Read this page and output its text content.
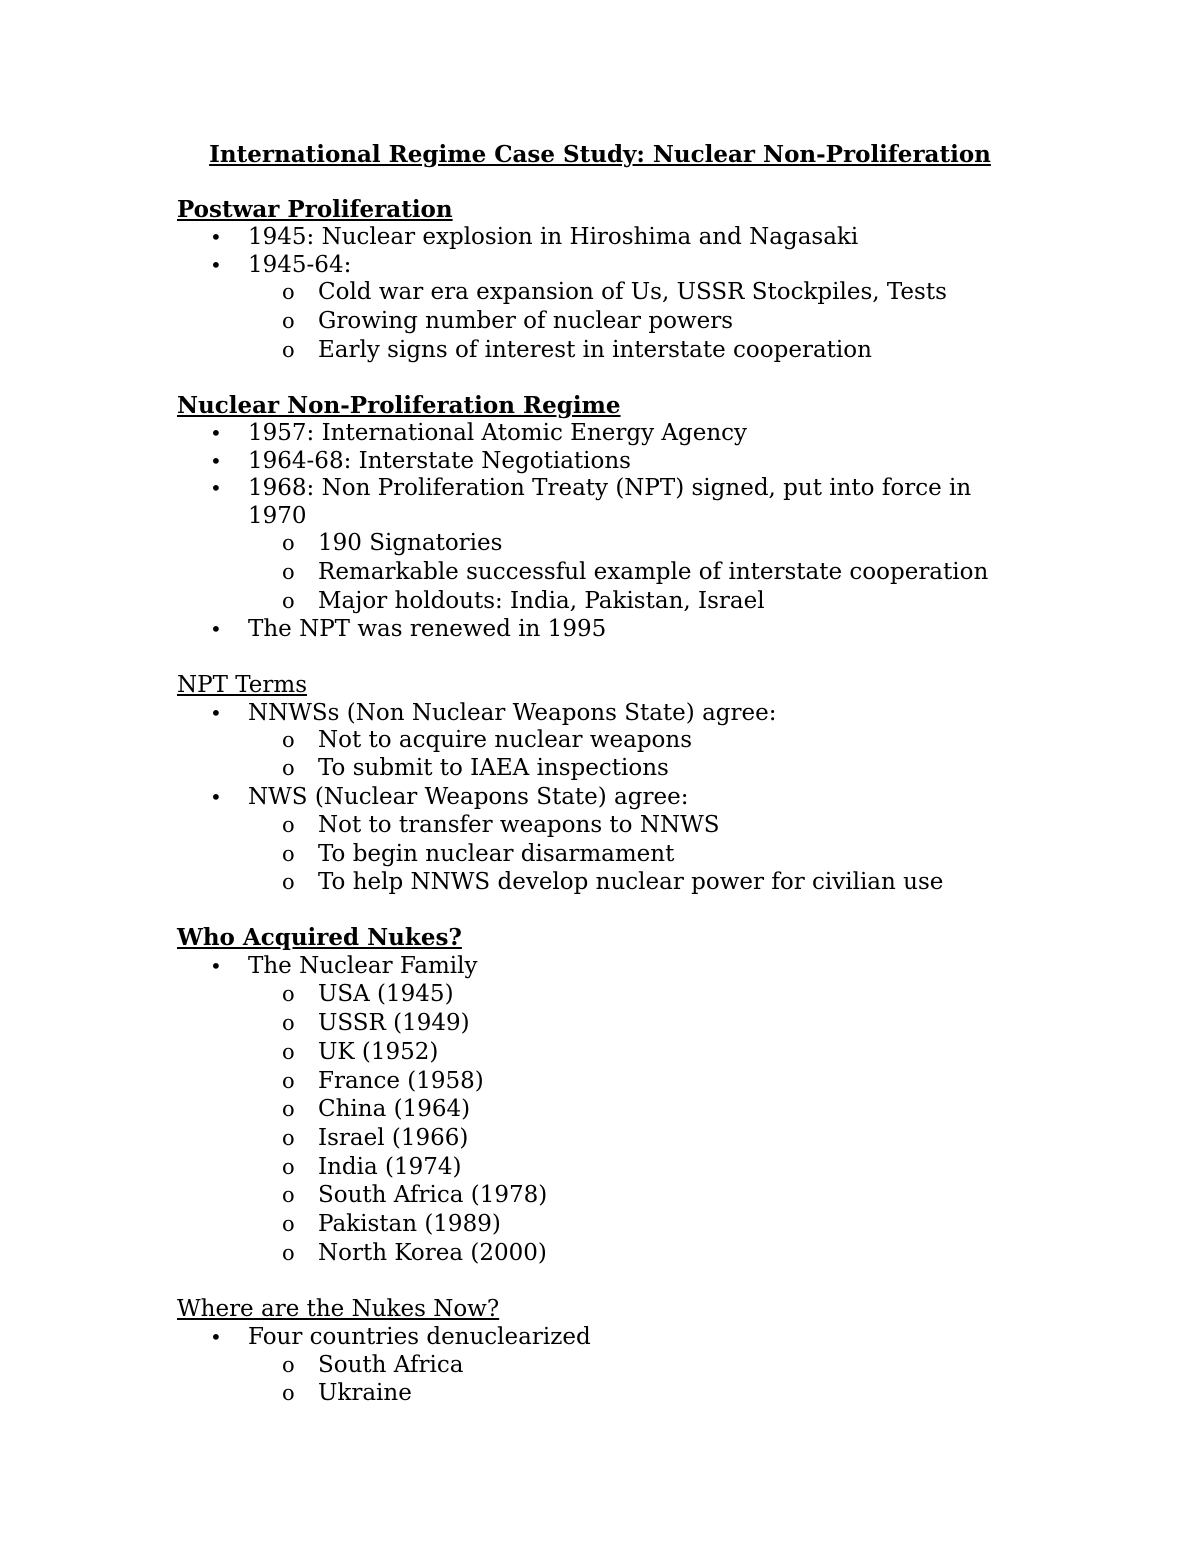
International Regime Case Study: Nuclear Non-Proliferation
Postwar Proliferation
• 1945: Nuclear explosion in Hiroshima and Nagasaki
• 1945-64:
o Cold war era expansion of Us, USSR Stockpiles, Tests
o Growing number of nuclear powers
o Early signs of interest in interstate cooperation
Nuclear Non-Proliferation Regime
• 1957: International Atomic Energy Agency
• 1964-68: Interstate Negotiations
• 1968: Non Proliferation Treaty (NPT) signed, put into force in
1970
o 190 Signatories
o Remarkable successful example of interstate cooperation
o Major holdouts: India, Pakistan, Israel
• The NPT was renewed in 1995
NPT Terms
• NNWSs (Non Nuclear Weapons State) agree:
o Not to acquire nuclear weapons
o To submit to IAEA inspections
• NWS (Nuclear Weapons State) agree:
o Not to transfer weapons to NNWS
o To begin nuclear disarmament
o To help NNWS develop nuclear power for civilian use
Who Acquired Nukes?
• The Nuclear Family
o USA (1945)
o USSR (1949)
o UK (1952)
o France (1958)
o China (1964)
o Israel (1966)
o India (1974)
o South Africa (1978)
o Pakistan (1989)
o North Korea (2000)
Where are the Nukes Now?
• Four countries denuclearized
o South Africa
o Ukraine
